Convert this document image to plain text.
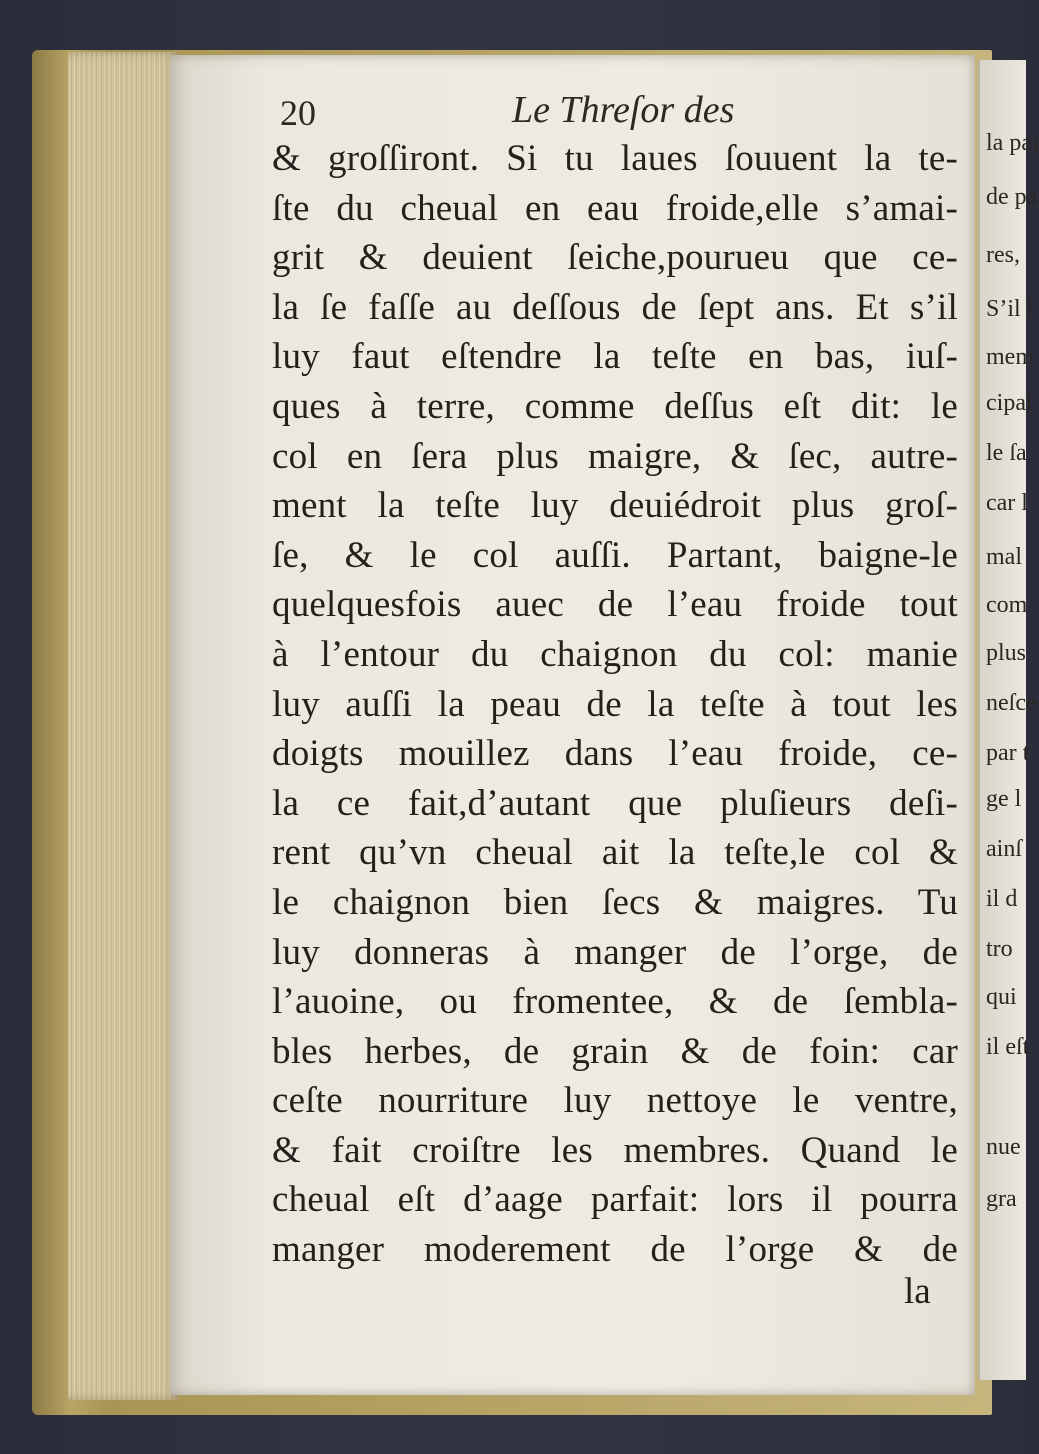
la pai
de pa
res,
S’il l
mem
cipal
le ſa
car l
mal
com
plus
neſce
par t
ge l
ainſ
il d
tro
qui
il eſt
nue
gra
20	Le Threſor des
& groſſiront. Si tu laues ſouuent la te-
ſte du cheual en eau froide,elle s’amai-
grit & deuient ſeiche,pourueu que ce-
la ſe faſſe au deſſous de ſept ans. Et s’il
luy faut eſtendre la teſte en bas, iuſ-
ques à terre, comme deſſus eſt dit: le
col en ſera plus maigre, & ſec, autre-
ment la teſte luy deuiédroit plus groſ-
ſe, & le col auſſi. Partant, baigne-le
quelquesfois auec de l’eau froide tout
à l’entour du chaignon du col: manie
luy auſſi la peau de la teſte à tout les
doigts mouillez dans l’eau froide, ce-
la ce fait,d’autant que pluſieurs deſi-
rent qu’vn cheual ait la teſte,le col &
le chaignon bien ſecs & maigres. Tu
luy donneras à manger de l’orge, de
l’auoine, ou fromentee, & de ſembla-
bles herbes, de grain & de foin: car
ceſte nourriture luy nettoye le ventre,
& fait croiſtre les membres. Quand le
cheual eſt d’aage parfait: lors il pourra
manger moderement de l’orge & de
la
